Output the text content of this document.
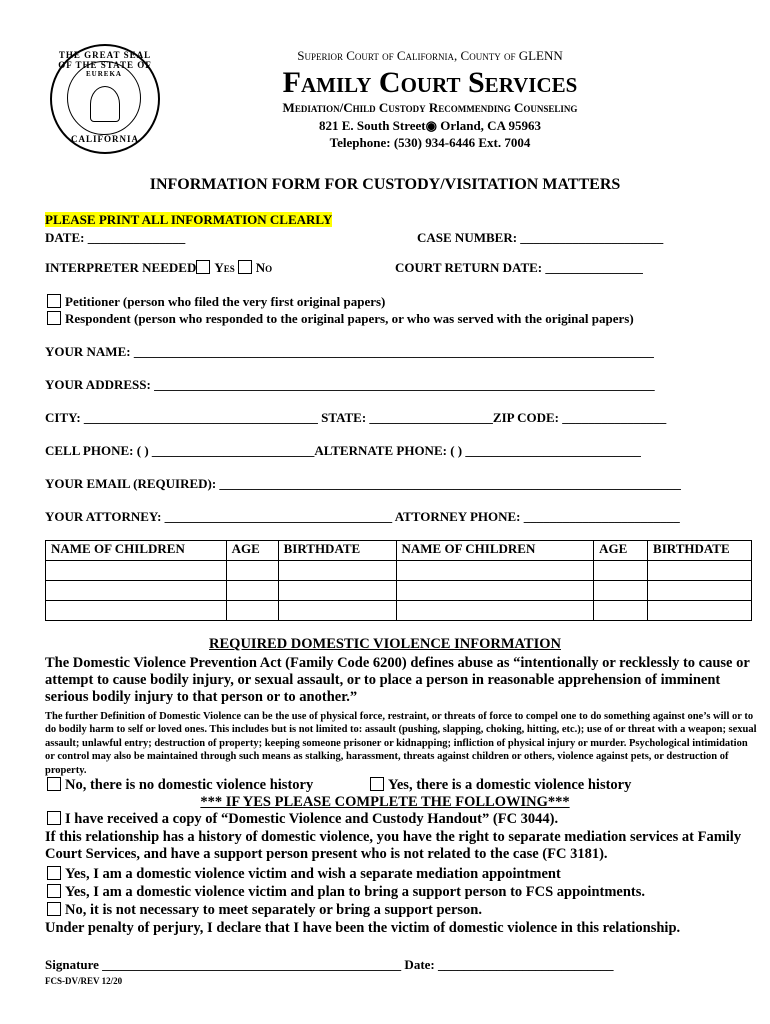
THE GREAT SEAL OF THE STATE OF
EUREKA
CALIFORNIA
Superior Court of California, County of GLENN
Family Court Services
Mediation/Child Custody Recommending Counseling
821 E. South Street◉ Orland, CA 95963
Telephone: (530) 934-6446 Ext. 7004
INFORMATION FORM FOR CUSTODY/VISITATION MATTERS
PLEASE PRINT ALL INFORMATION CLEARLY
DATE: _______________	CASE NUMBER: ______________________
INTERPRETER NEEDED Yes No	COURT RETURN DATE: _______________
Petitioner (person who filed the very first original papers)
Respondent (person who responded to the original papers, or who was served with the original papers)
YOUR NAME: ________________________________________________________________________________
YOUR ADDRESS: _____________________________________________________________________________
CITY: ____________________________________ STATE: ___________________ZIP CODE: ________________
CELL PHONE: ( ) _________________________ALTERNATE PHONE: ( ) ___________________________
YOUR EMAIL (REQUIRED): _______________________________________________________________________
YOUR ATTORNEY: ___________________________________ ATTORNEY PHONE: ________________________
NAME OF CHILDREN	AGE	BIRTHDATE	NAME OF CHILDREN	AGE	BIRTHDATE

REQUIRED DOMESTIC VIOLENCE INFORMATION
The Domestic Violence Prevention Act (Family Code 6200) defines abuse as “intentionally or recklessly to cause or attempt to cause bodily injury, or sexual assault, or to place a person in reasonable apprehension of imminent serious bodily injury to that person or to another.”
The further Definition of Domestic Violence can be the use of physical force, restraint, or threats of force to compel one to do something against one’s will or to do bodily harm to self or loved ones. This includes but is not limited to: assault (pushing, slapping, choking, hitting, etc.); use of or threat with a weapon; sexual assault; unlawful entry; destruction of property; keeping someone prisoner or kidnapping; infliction of physical injury or murder. Psychological intimidation or control may also be maintained through such means as stalking, harassment, threats against children or others, violence against pets, or destruction of property.
No, there is no domestic violence history	Yes, there is a domestic violence history
*** IF YES PLEASE COMPLETE THE FOLLOWING***
I have received a copy of “Domestic Violence and Custody Handout” (FC 3044).
If this relationship has a history of domestic violence, you have the right to separate mediation services at Family Court Services, and have a support person present who is not related to the case (FC 3181).
Yes, I am a domestic violence victim and wish a separate mediation appointment
Yes, I am a domestic violence victim and plan to bring a support person to FCS appointments.
No, it is not necessary to meet separately or bring a support person.
Under penalty of perjury, I declare that I have been the victim of domestic violence in this relationship.
Signature ______________________________________________ Date: ___________________________
FCS-DV/REV 12/20
